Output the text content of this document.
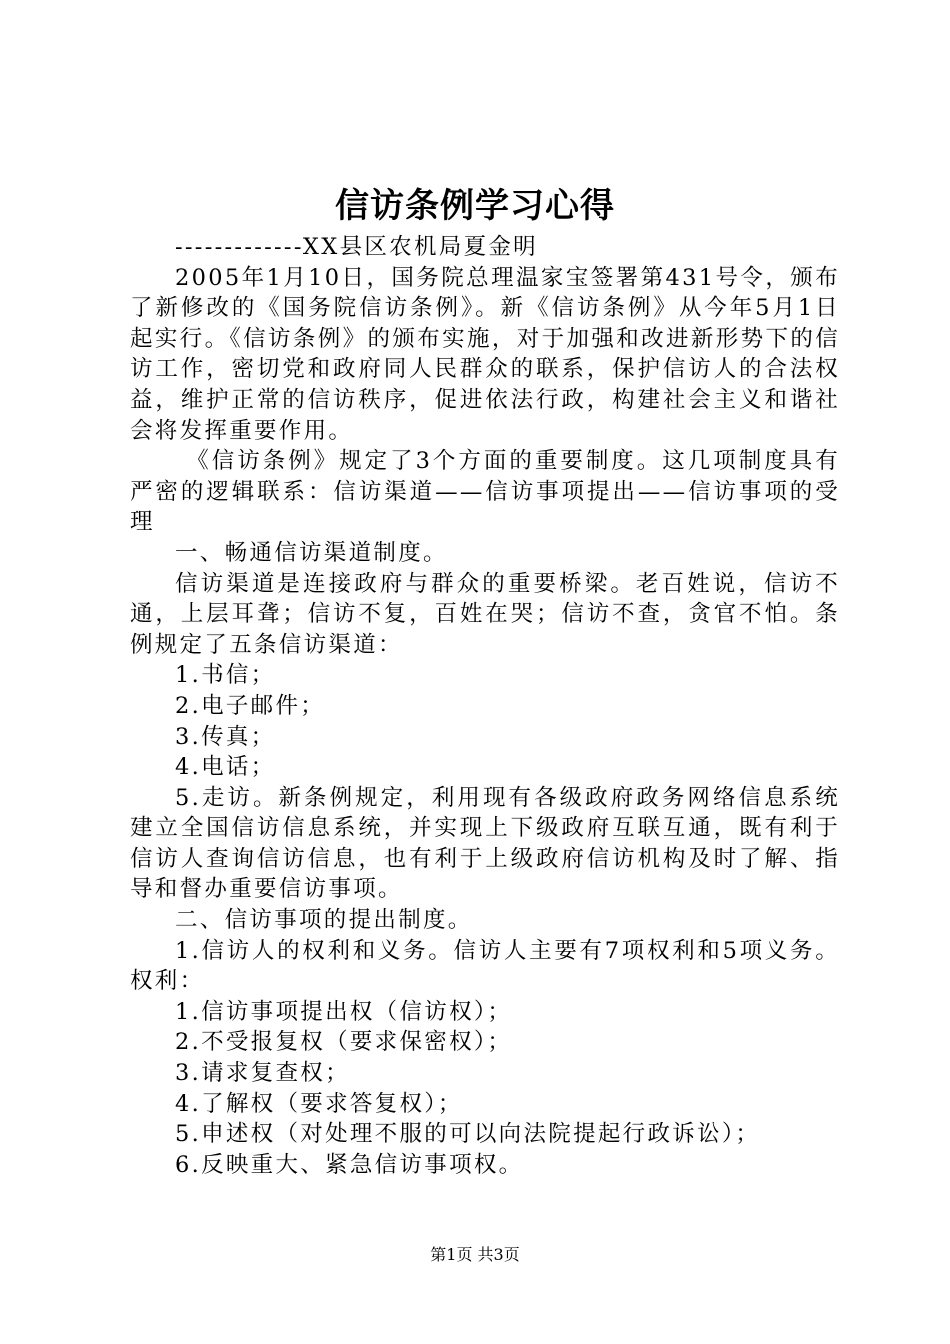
信访条例学习心得

-------------XX县区农机局夏金明

2005年1月10日，国务院总理温家宝签署第431号令，颁布了新修改的《国务院信访条例》。新《信访条例》从今年5月1日起实行。《信访条例》的颁布实施，对于加强和改进新形势下的信访工作，密切党和政府同人民群众的联系，保护信访人的合法权益，维护正常的信访秩序，促进依法行政，构建社会主义和谐社会将发挥重要作用。

《信访条例》规定了3个方面的重要制度。这几项制度具有严密的逻辑联系：信访渠道——信访事项提出——信访事项的受理

一、畅通信访渠道制度。

信访渠道是连接政府与群众的重要桥梁。老百姓说，信访不通，上层耳聋；信访不复，百姓在哭；信访不查，贪官不怕。条例规定了五条信访渠道：

1.书信；

2.电子邮件；

3.传真；

4.电话；

5.走访。新条例规定，利用现有各级政府政务网络信息系统建立全国信访信息系统，并实现上下级政府互联互通，既有利于信访人查询信访信息，也有利于上级政府信访机构及时了解、指导和督办重要信访事项。

二、信访事项的提出制度。

1.信访人的权利和义务。信访人主要有7项权利和5项义务。权利：

1.信访事项提出权（信访权）；

2.不受报复权（要求保密权）；

3.请求复查权；

4.了解权（要求答复权）；

5.申述权（对处理不服的可以向法院提起行政诉讼）；

6.反映重大、紧急信访事项权。

第1页 共3页
